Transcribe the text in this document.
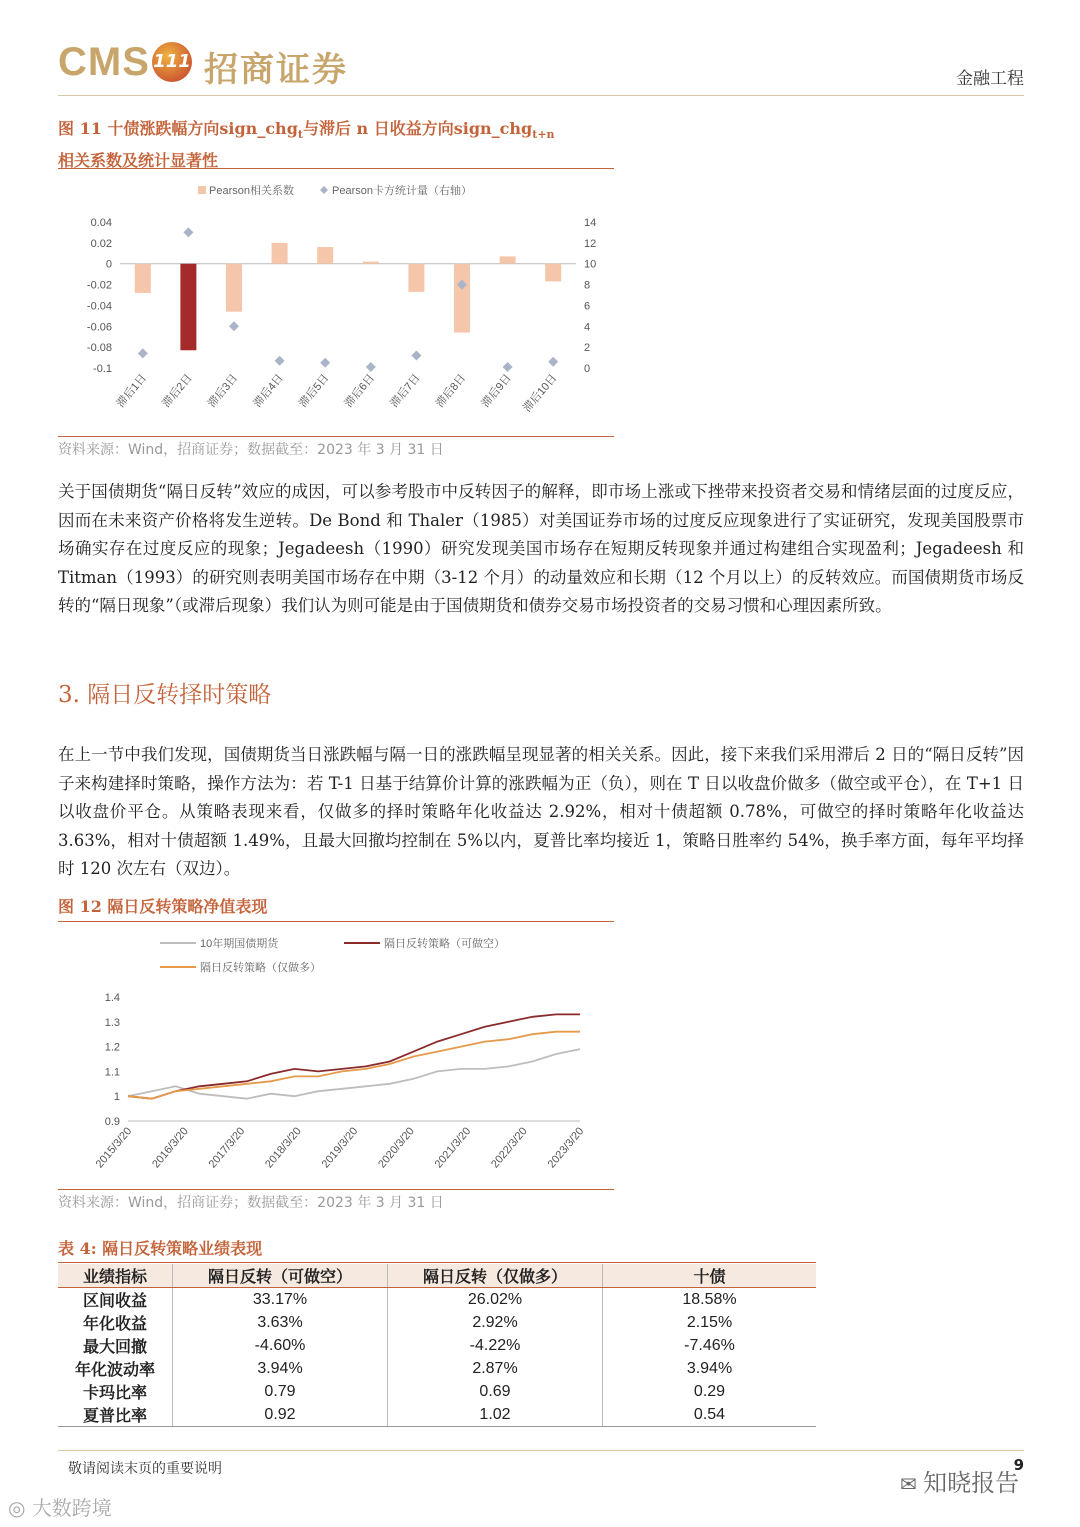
CMS 111 招商证券	金融工程
图 11 十债涨跌幅方向sign_chg$_t$与滞后 n 日收益方向sign_chg$_{t+n}$
相关系数及统计显著性
Pearson相关系数	Pearson卡方统计量（右轴）
0.04
0.02
0
-0.02
-0.04
-0.06
-0.08
-0.1
14
12
10
8
6
4
2
0
滞后1日 滞后2日 滞后3日 滞后4日 滞后5日 滞后6日 滞后7日 滞后8日 滞后9日 滞后10日
资料来源：Wind，招商证券；数据截至：2023 年 3 月 31 日
关于国债期货“隔日反转”效应的成因，可以参考股市中反转因子的解释，即市场上涨或下挫带来投资者交易和情绪层面的过度反应，因而在未来资产价格将发生逆转。De Bond 和 Thaler（1985）对美国证券市场的过度反应现象进行了实证研究，发现美国股票市场确实存在过度反应的现象；Jegadeesh（1990）研究发现美国市场存在短期反转现象并通过构建组合实现盈利；Jegadeesh 和 Titman（1993）的研究则表明美国市场存在中期（3-12 个月）的动量效应和长期（12 个月以上）的反转效应。而国债期货市场反转的“隔日现象”（或滞后现象）我们认为则可能是由于国债期货和债券交易市场投资者的交易习惯和心理因素所致。
3. 隔日反转择时策略
在上一节中我们发现，国债期货当日涨跌幅与隔一日的涨跌幅呈现显著的相关关系。因此，接下来我们采用滞后 2 日的“隔日反转”因子来构建择时策略，操作方法为：若 T-1 日基于结算价计算的涨跌幅为正（负），则在 T 日以收盘价做多（做空或平仓），在 T+1 日以收盘价平仓。从策略表现来看，仅做多的择时策略年化收益达 2.92%，相对十债超额 0.78%，可做空的择时策略年化收益达 3.63%，相对十债超额 1.49%，且最大回撤均控制在 5%以内，夏普比率均接近 1，策略日胜率约 54%，换手率方面，每年平均择时 120 次左右（双边）。
图 12 隔日反转策略净值表现
10年期国债期货	隔日反转策略（可做空）
隔日反转策略（仅做多）
1.4
1.3
1.2
1.1
1
0.9
2015/3/20 2016/3/20 2017/3/20 2018/3/20 2019/3/20 2020/3/20 2021/3/20 2022/3/20 2023/3/20
资料来源：Wind，招商证券；数据截至：2023 年 3 月 31 日
表 4: 隔日反转策略业绩表现
业绩指标	隔日反转（可做空）	隔日反转（仅做多）	十债
区间收益	33.17%	26.02%	18.58%
年化收益	3.63%	2.92%	2.15%
最大回撤	-4.60%	-4.22%	-7.46%
年化波动率	3.94%	2.87%	3.94%
卡玛比率	0.79	0.69	0.29
夏普比率	0.92	1.02	0.54
敬请阅读末页的重要说明	9
◎ 大数跨境
✉ 知晓报告
